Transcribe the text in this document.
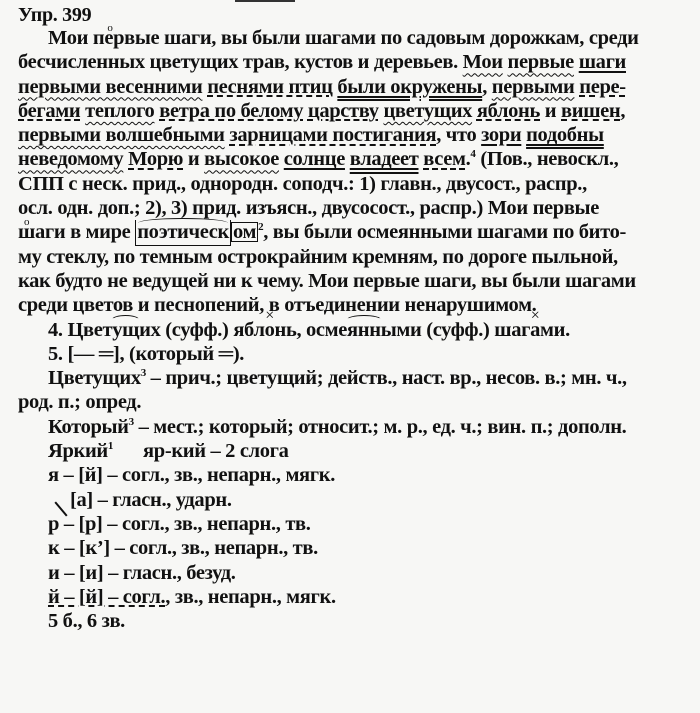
Упр. 399
Мои пе oрвые шаги, вы были шагами по садовым дорожкам, среди
бесчисленных цветущих трав, кустов и деревьев. Мои первые шаги
первыми весенними песнями птиц были окружены, первыми пере-
бегами теплого ветра по белому царству цветущих яблонь и вишен,
первыми волшебными зарницами постигания, что зори подобны
неведомому Морю и высокое солнце владеет всем.$^4$ (Пов., невоскл.,
СПП с неск. прид., однородн. соподч.: 1) главн., двусост., распр.,
осл. одн. доп.; 2), 3) прид. изъясн., двусосост., распр.) Мои первые
ш oаги в мире
поэтическ ом $^2$, вы были осмеянными шагами по бито-
му стеклу, по темным острокрайним кремням, по дороге пыльной,
как будто не ведущей ни к чему. Мои первые шаги, вы были шагами
среди цветов и песнопений, в отъединении ненарушимом.
4. Цветущих (суфф.) ябло ×нь, осмеянными (суфф.) шага ×ми.
5. [— ═], (который ═).
Цветущих$^3$ – прич.; цветущий; действ., наст. вр., несов. в.; мн. ч.,
род. п.; опред.
Который$^3$ – мест.; который; относит.; м. р., ед. ч.; вин. п.; дополн.
Яркий$^1$ яр-кий – 2 слога
я – [й] – согл., зв., непарн., мягк.
[а] – гласн., ударн.
р – [р] – согл., зв., непарн., тв.
к – [к’] – согл., зв., непарн., тв.
и – [и] – гласн., безуд.
й – [й] – согл., зв., непарн., мягк.
5 б., 6 зв.
